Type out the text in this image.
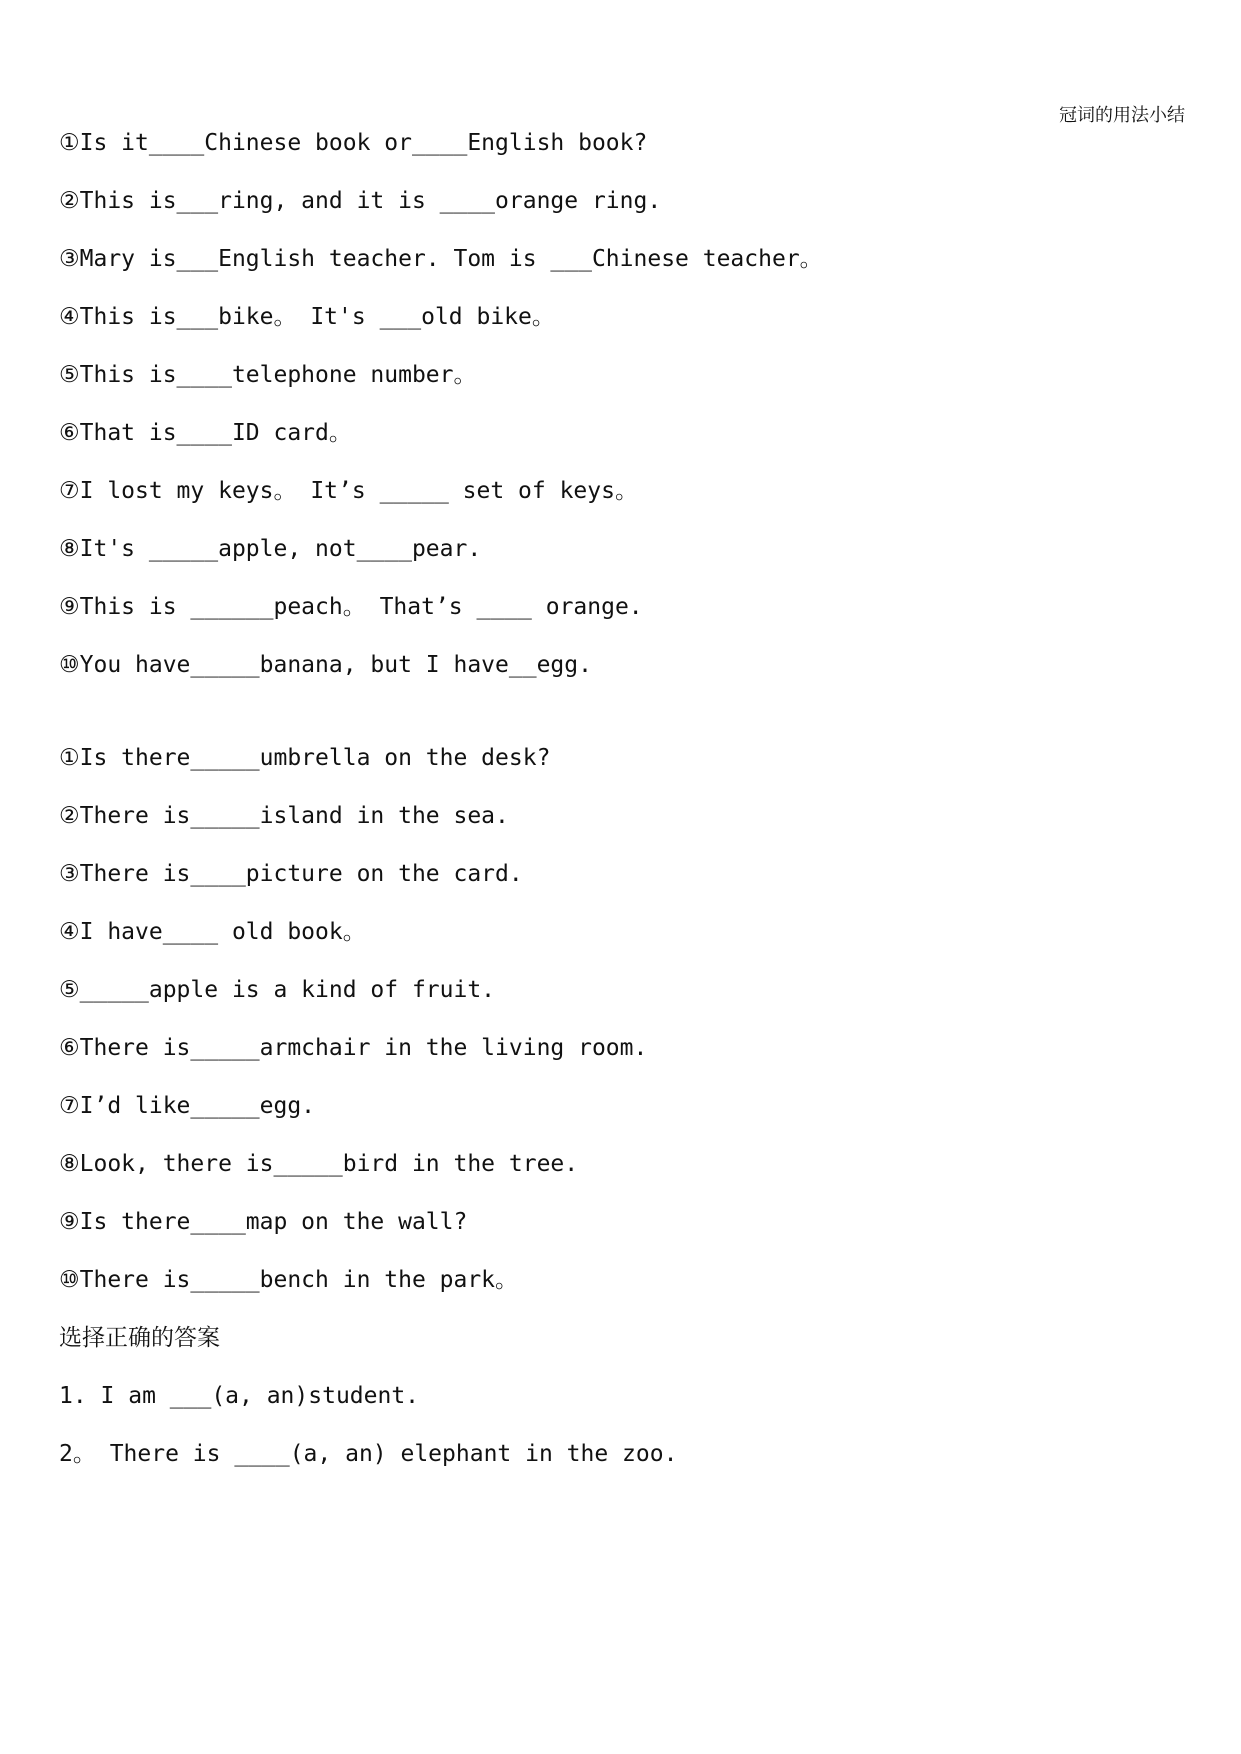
冠词的用法小结
①Is it____Chinese book or____English book?
②This is___ring, and it is ____orange ring.
③Mary is___English teacher. Tom is ___Chinese teacher。
④This is___bike。 It's ___old bike。
⑤This is____telephone number。
⑥That is____ID card。
⑦I lost my keys。 It’s _____ set of keys。
⑧It's _____apple, not____pear.
⑨This is ______peach。 That’s ____ orange.
⑩You have_____banana, but I have__egg.
①Is there_____umbrella on the desk?
②There is_____island in the sea.
③There is____picture on the card.
④I have____ old book。
⑤_____apple is a kind of fruit.
⑥There is_____armchair in the living room.
⑦I’d like_____egg.
⑧Look, there is_____bird in the tree.
⑨Is there____map on the wall?
⑩There is_____bench in the park。
选择正确的答案
1. I am ___(a, an)student.
2。 There is ____(a, an) elephant in the zoo.
